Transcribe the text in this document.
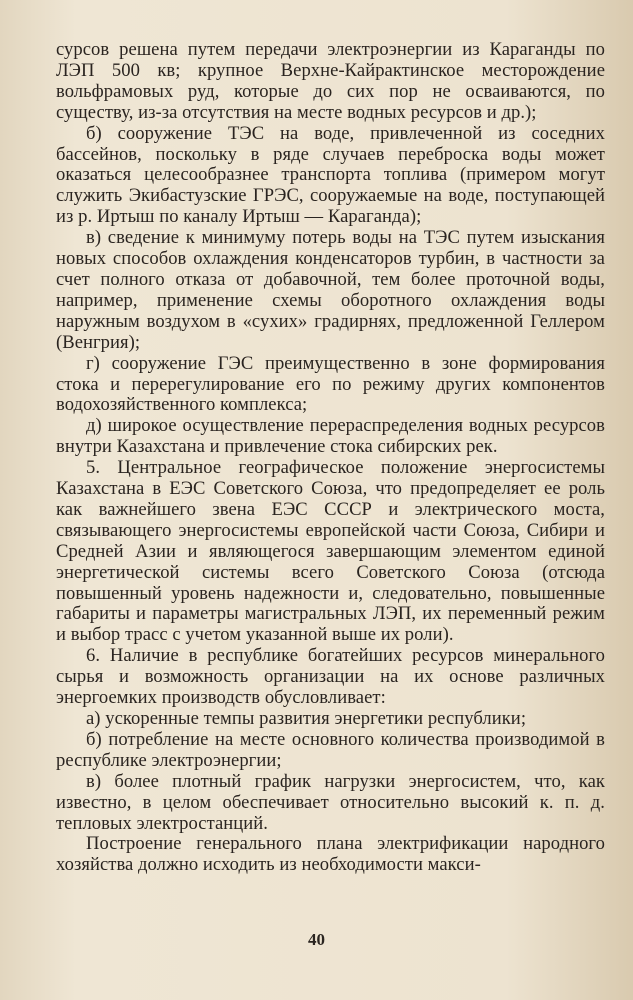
сурсов решена путем передачи электроэнергии из Караганды по ЛЭП 500 кв; крупное Верхне-Кайрактинское месторождение вольфрамовых руд, которые до сих пор не осваиваются, по существу, из-за отсутствия на месте водных ресурсов и др.);

б) сооружение ТЭС на воде, привлеченной из соседних бассейнов, поскольку в ряде случаев переброска воды может оказаться целесообразнее транспорта топлива (примером могут служить Экибастузские ГРЭС, сооружаемые на воде, поступающей из р. Иртыш по каналу Иртыш — Караганда);

в) сведение к минимуму потерь воды на ТЭС путем изыскания новых способов охлаждения конденсаторов турбин, в частности за счет полного отказа от добавочной, тем более проточной воды, например, применение схемы оборотного охлаждения воды наружным воздухом в «сухих» градирнях, предложенной Геллером (Венгрия);

г) сооружение ГЭС преимущественно в зоне формирования стока и перерегулирование его по режиму других компонентов водохозяйственного комплекса;

д) широкое осуществление перераспределения водных ресурсов внутри Казахстана и привлечение стока сибирских рек.

5. Центральное географическое положение энергосистемы Казахстана в ЕЭС Советского Союза, что предопределяет ее роль как важнейшего звена ЕЭС СССР и электрического моста, связывающего энергосистемы европейской части Союза, Сибири и Средней Азии и являющегося завершающим элементом единой энергетической системы всего Советского Союза (отсюда повышенный уровень надежности и, следовательно, повышенные габариты и параметры магистральных ЛЭП, их переменный режим и выбор трасс с учетом указанной выше их роли).

6. Наличие в республике богатейших ресурсов минерального сырья и возможность организации на их основе различных энергоемких производств обусловливает:

а) ускоренные темпы развития энергетики республики;

б) потребление на месте основного количества производимой в республике электроэнергии;

в) более плотный график нагрузки энергосистем, что, как известно, в целом обеспечивает относительно высокий к. п. д. тепловых электростанций.

Построение генерального плана электрификации народного хозяйства должно исходить из необходимости макси-

40
